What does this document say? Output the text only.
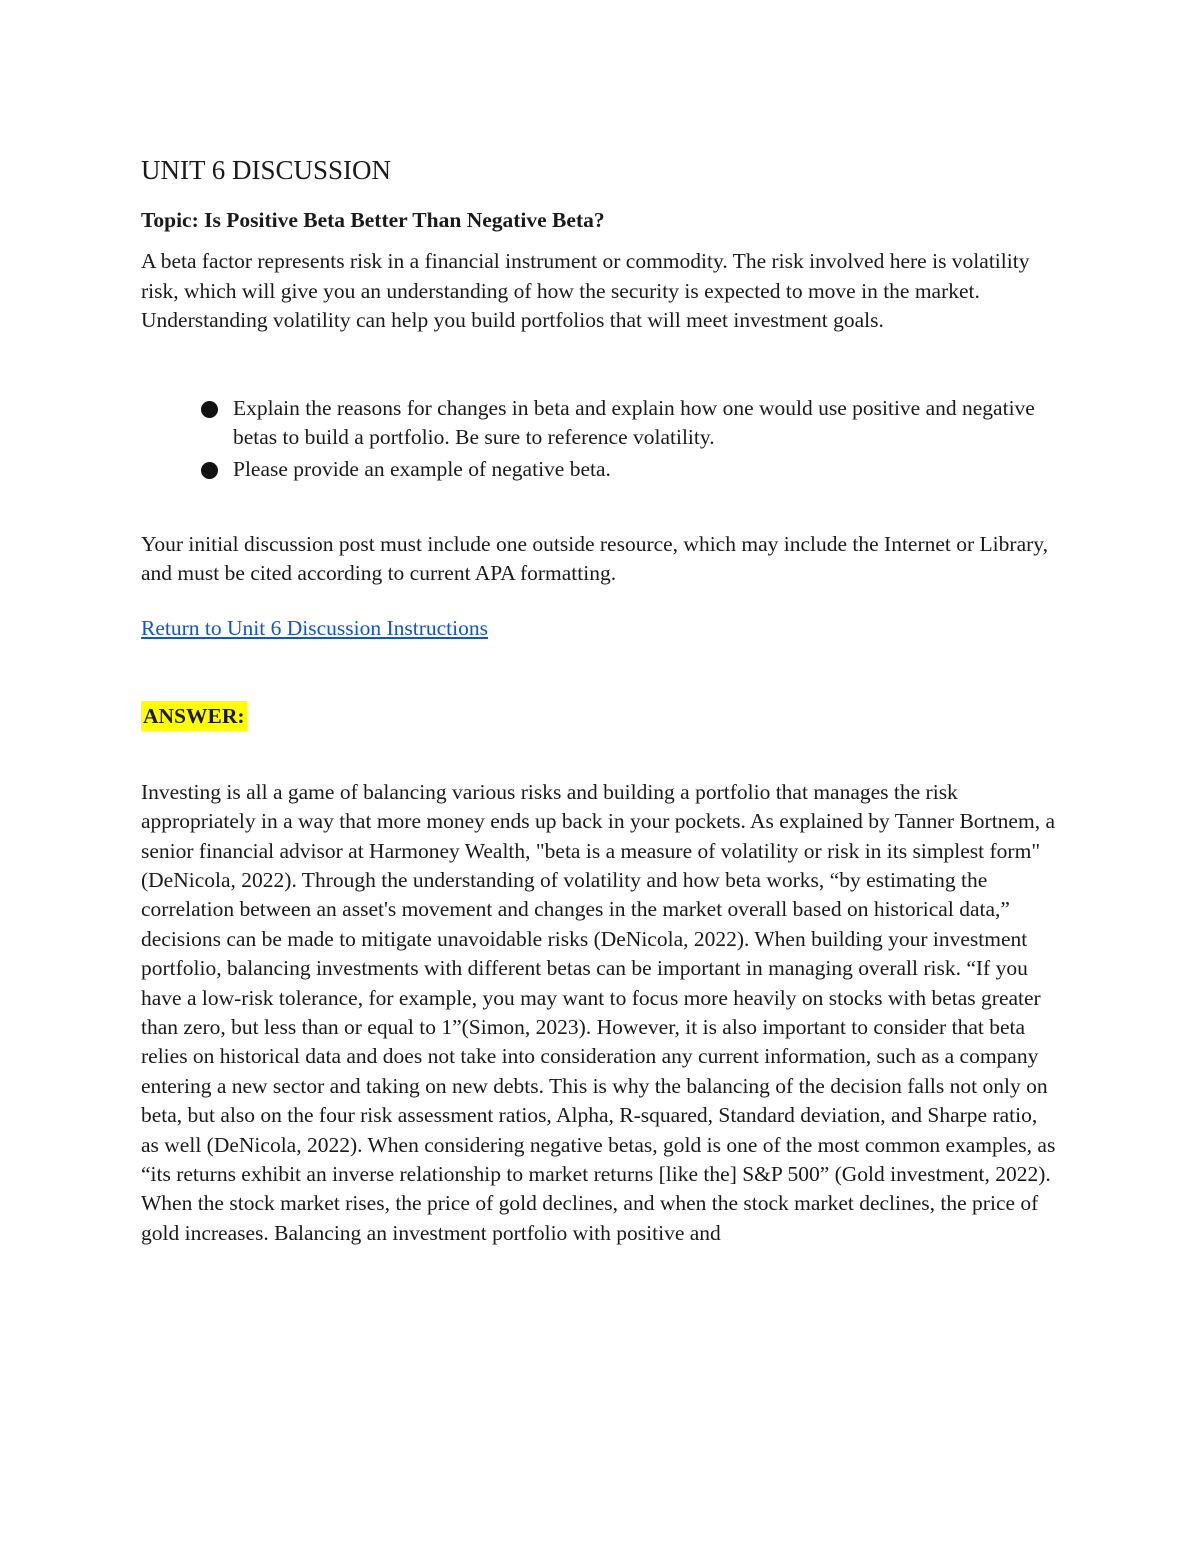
UNIT 6 DISCUSSION

Topic: Is Positive Beta Better Than Negative Beta?

A beta factor represents risk in a financial instrument or commodity. The risk involved here is volatility risk, which will give you an understanding of how the security is expected to move in the market. Understanding volatility can help you build portfolios that will meet investment goals.

Explain the reasons for changes in beta and explain how one would use positive and negative betas to build a portfolio. Be sure to reference volatility.
Please provide an example of negative beta.

Your initial discussion post must include one outside resource, which may include the Internet or Library, and must be cited according to current APA formatting.

Return to Unit 6 Discussion Instructions
ANSWER:

Investing is all a game of balancing various risks and building a portfolio that manages the risk appropriately in a way that more money ends up back in your pockets. As explained by Tanner Bortnem, a senior financial advisor at Harmoney Wealth, "beta is a measure of volatility or risk in its simplest form" (DeNicola, 2022). Through the understanding of volatility and how beta works, “by estimating the correlation between an asset's movement and changes in the market overall based on historical data,” decisions can be made to mitigate unavoidable risks (DeNicola, 2022). When building your investment portfolio, balancing investments with different betas can be important in managing overall risk. “If you have a low-risk tolerance, for example, you may want to focus more heavily on stocks with betas greater than zero, but less than or equal to 1”(Simon, 2023). However, it is also important to consider that beta relies on historical data and does not take into consideration any current information, such as a company entering a new sector and taking on new debts. This is why the balancing of the decision falls not only on beta, but also on the four risk assessment ratios, Alpha, R-squared, Standard deviation, and Sharpe ratio, as well (DeNicola, 2022). When considering negative betas, gold is one of the most common examples, as “its returns exhibit an inverse relationship to market returns [like the] S&P 500” (Gold investment, 2022). When the stock market rises, the price of gold declines, and when the stock market declines, the price of gold increases. Balancing an investment portfolio with positive and
